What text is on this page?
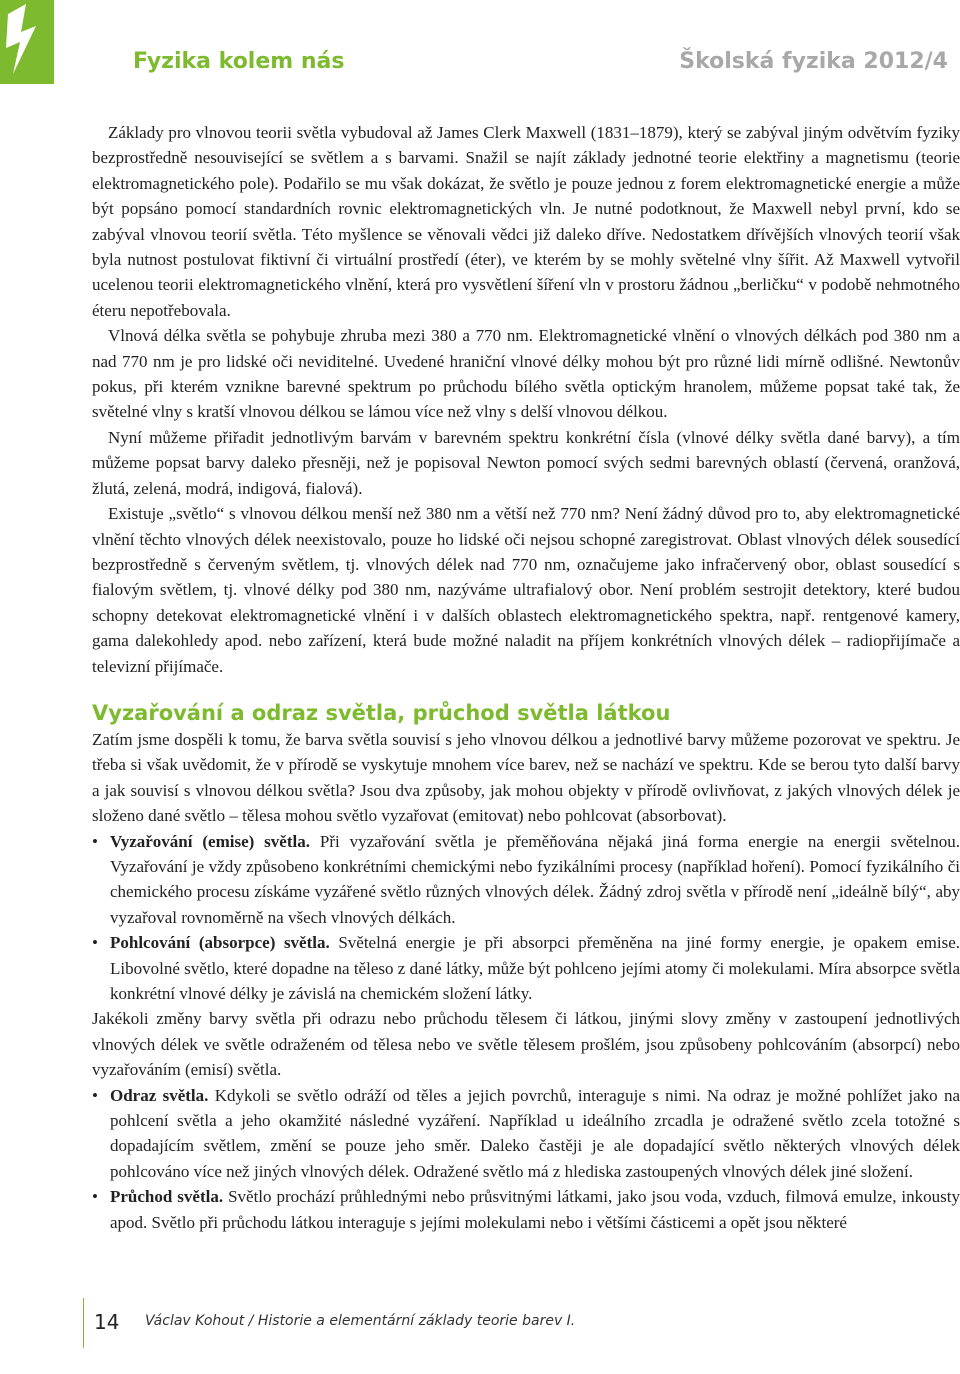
Fyzika kolem nás	Školská fyzika 2012/4

Základy pro vlnovou teorii světla vybudoval až James Clerk Maxwell (1831–1879), který se zabýval jiným odvětvím fyziky bezprostředně nesouvisející se světlem a s barvami. Snažil se najít základy jednotné teorie elektřiny a magnetismu (teorie elektromagnetického pole). Podařilo se mu však dokázat, že světlo je pouze jednou z forem elektromagnetické energie a může být popsáno pomocí standardních rovnic elektromagnetických vln. Je nutné podotknout, že Maxwell nebyl první, kdo se zabýval vlnovou teorií světla. Této myšlence se věnovali vědci již daleko dříve. Nedostatkem dřívějších vlnových teorií však byla nutnost postulovat fiktivní či virtuální prostředí (éter), ve kterém by se mohly světelné vlny šířit. Až Maxwell vytvořil ucelenou teorii elektromagnetického vlnění, která pro vysvětlení šíření vln v prostoru žádnou „berličku“ v podobě nehmotného éteru nepotřebovala.

Vlnová délka světla se pohybuje zhruba mezi 380 a 770 nm. Elektromagnetické vlnění o vlnových délkách pod 380 nm a nad 770 nm je pro lidské oči neviditelné. Uvedené hraniční vlnové délky mohou být pro různé lidi mírně odlišné. Newtonův pokus, při kterém vznikne barevné spektrum po průchodu bílého světla optickým hranolem, můžeme popsat také tak, že světelné vlny s kratší vlnovou délkou se lámou více než vlny s delší vlnovou délkou.

Nyní můžeme přiřadit jednotlivým barvám v barevném spektru konkrétní čísla (vlnové délky světla dané barvy), a tím můžeme popsat barvy daleko přesněji, než je popisoval Newton pomocí svých sedmi barevných oblastí (červená, oranžová, žlutá, zelená, modrá, indigová, fialová).

Existuje „světlo“ s vlnovou délkou menší než 380 nm a větší než 770 nm? Není žádný důvod pro to, aby elektromagnetické vlnění těchto vlnových délek neexistovalo, pouze ho lidské oči nejsou schopné zaregistrovat. Oblast vlnových délek sousedící bezprostředně s červeným světlem, tj. vlnových délek nad 770 nm, označujeme jako infračervený obor, oblast sousedící s fialovým světlem, tj. vlnové délky pod 380 nm, nazýváme ultrafialový obor. Není problém sestrojit detektory, které budou schopny detekovat elektromagnetické vlnění i v dalších oblastech elektromagnetického spektra, např. rentgenové kamery, gama dalekohledy apod. nebo zařízení, která bude možné naladit na příjem konkrétních vlnových délek – radiopřijímače a televizní přijímače.

Vyzařování a odraz světla, průchod světla látkou

Zatím jsme dospěli k tomu, že barva světla souvisí s jeho vlnovou délkou a jednotlivé barvy můžeme pozorovat ve spektru. Je třeba si však uvědomit, že v přírodě se vyskytuje mnohem více barev, než se nachází ve spektru. Kde se berou tyto další barvy a jak souvisí s vlnovou délkou světla? Jsou dva způsoby, jak mohou objekty v přírodě ovlivňovat, z jakých vlnových délek je složeno dané světlo – tělesa mohou světlo vyzařovat (emitovat) nebo pohlcovat (absorbovat).

• Vyzařování (emise) světla. Při vyzařování světla je přeměňována nějaká jiná forma energie na energii světelnou. Vyzařování je vždy způsobeno konkrétními chemickými nebo fyzikálními procesy (například hoření). Pomocí fyzikálního či chemického procesu získáme vyzářené světlo různých vlnových délek. Žádný zdroj světla v přírodě není „ideálně bílý“, aby vyzařoval rovnoměrně na všech vlnových délkách.
• Pohlcování (absorpce) světla. Světelná energie je při absorpci přeměněna na jiné formy energie, je opakem emise. Libovolné světlo, které dopadne na těleso z dané látky, může být pohlceno jejími atomy či molekulami. Míra absorpce světla konkrétní vlnové délky je závislá na chemickém složení látky.

Jakékoli změny barvy světla při odrazu nebo průchodu tělesem či látkou, jinými slovy změny v zastoupení jednotlivých vlnových délek ve světle odraženém od tělesa nebo ve světle tělesem prošlém, jsou způsobeny pohlcováním (absorpcí) nebo vyzařováním (emisí) světla.

• Odraz světla. Kdykoli se světlo odráží od těles a jejich povrchů, interaguje s nimi. Na odraz je možné pohlížet jako na pohlcení světla a jeho okamžité následné vyzáření. Například u ideálního zrcadla je odražené světlo zcela totožné s dopadajícím světlem, změní se pouze jeho směr. Daleko častěji je ale dopadající světlo některých vlnových délek pohlcováno více než jiných vlnových délek. Odražené světlo má z hlediska zastoupených vlnových délek jiné složení.
• Průchod světla. Světlo prochází průhlednými nebo průsvitnými látkami, jako jsou voda, vzduch, filmová emulze, inkousty apod. Světlo při průchodu látkou interaguje s jejími molekulami nebo i většími částicemi a opět jsou některé

14 Václav Kohout / Historie a elementární základy teorie barev I.
